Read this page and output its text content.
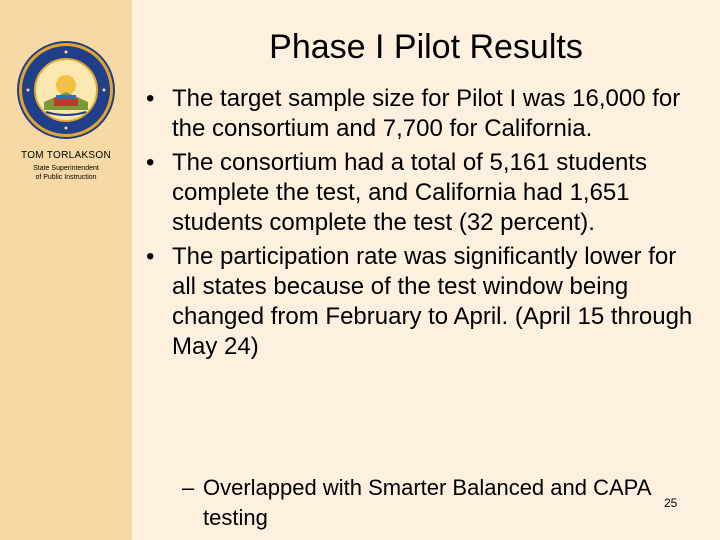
TOM TORLAKSON
State Superintendent
of Public Instruction
Phase I Pilot Results
• The target sample size for Pilot I was 16,000 for the consortium and 7,700 for California.
• The consortium had a total of 5,161 students complete the test, and California had 1,651 students complete the test (32 percent).
• The participation rate was significantly lower for all states because of the test window being changed from February to April. (April 15 through May 24)
– Overlapped with Smarter Balanced and CAPA testing
25
